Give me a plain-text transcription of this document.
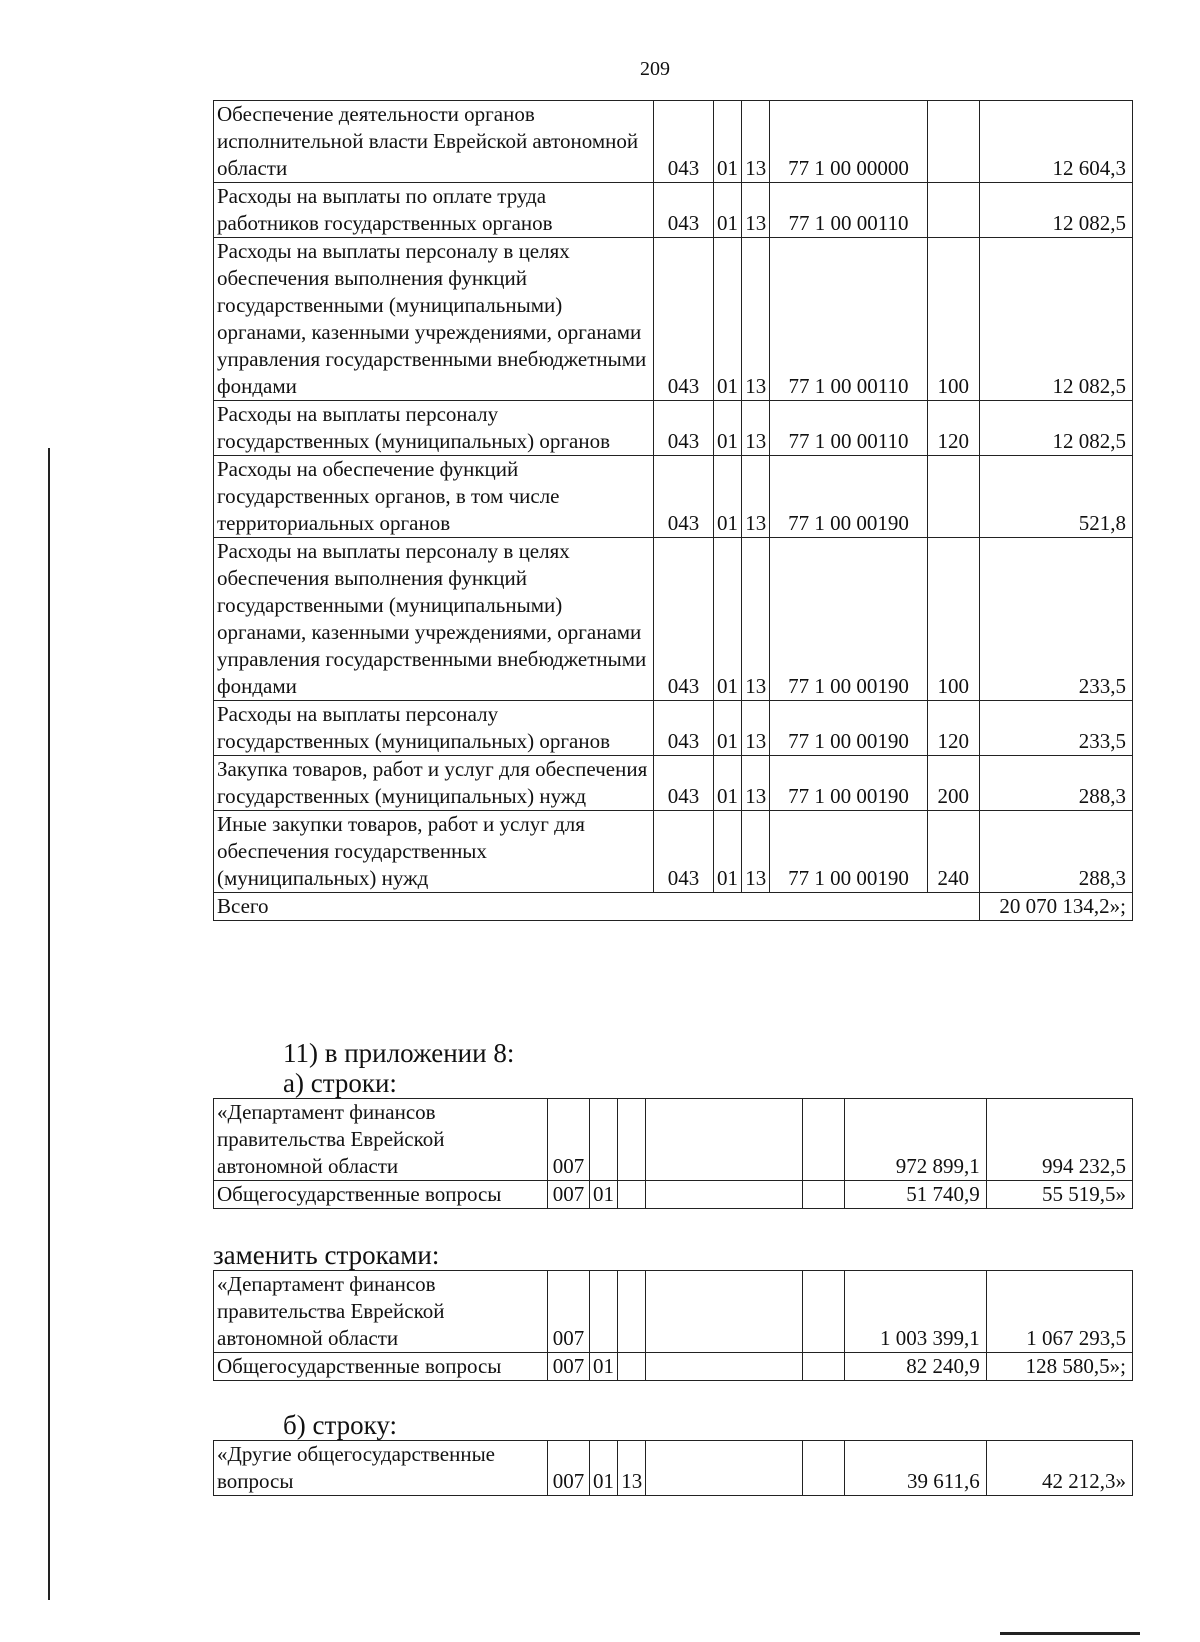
209
Обеспечение деятельности органов исполнительной власти Еврейской автономной области	043	01	13	77 1 00 00000		12 604,3
Расходы на выплаты по оплате труда работников государственных органов	043	01	13	77 1 00 00110		12 082,5
Расходы на выплаты персоналу в целях обеспечения выполнения функций государственными (муниципальными) органами, казенными учреждениями, органами управления государственными внебюджетными фондами	043	01	13	77 1 00 00110	100	12 082,5
Расходы на выплаты персоналу государственных (муниципальных) органов	043	01	13	77 1 00 00110	120	12 082,5
Расходы на обеспечение функций государственных органов, в том числе территориальных органов	043	01	13	77 1 00 00190		521,8
Расходы на выплаты персоналу в целях обеспечения выполнения функций государственными (муниципальными) органами, казенными учреждениями, органами управления государственными внебюджетными фондами	043	01	13	77 1 00 00190	100	233,5
Расходы на выплаты персоналу государственных (муниципальных) органов	043	01	13	77 1 00 00190	120	233,5
Закупка товаров, работ и услуг для обеспечения государственных (муниципальных) нужд	043	01	13	77 1 00 00190	200	288,3
Иные закупки товаров, работ и услуг для обеспечения государственных (муниципальных) нужд	043	01	13	77 1 00 00190	240	288,3
Всего						20 070 134,2»;
11) в приложении 8:
а) строки:
«Департамент финансов правительства Еврейской автономной области	007					972 899,1	994 232,5
Общегосударственные вопросы	007	01				51 740,9	55 519,5»
заменить строками:
«Департамент финансов правительства Еврейской автономной области	007					1 003 399,1	1 067 293,5
Общегосударственные вопросы	007	01				82 240,9	128 580,5»;
б) строку:
«Другие общегосударственные вопросы	007	01	13			39 611,6	42 212,3»
